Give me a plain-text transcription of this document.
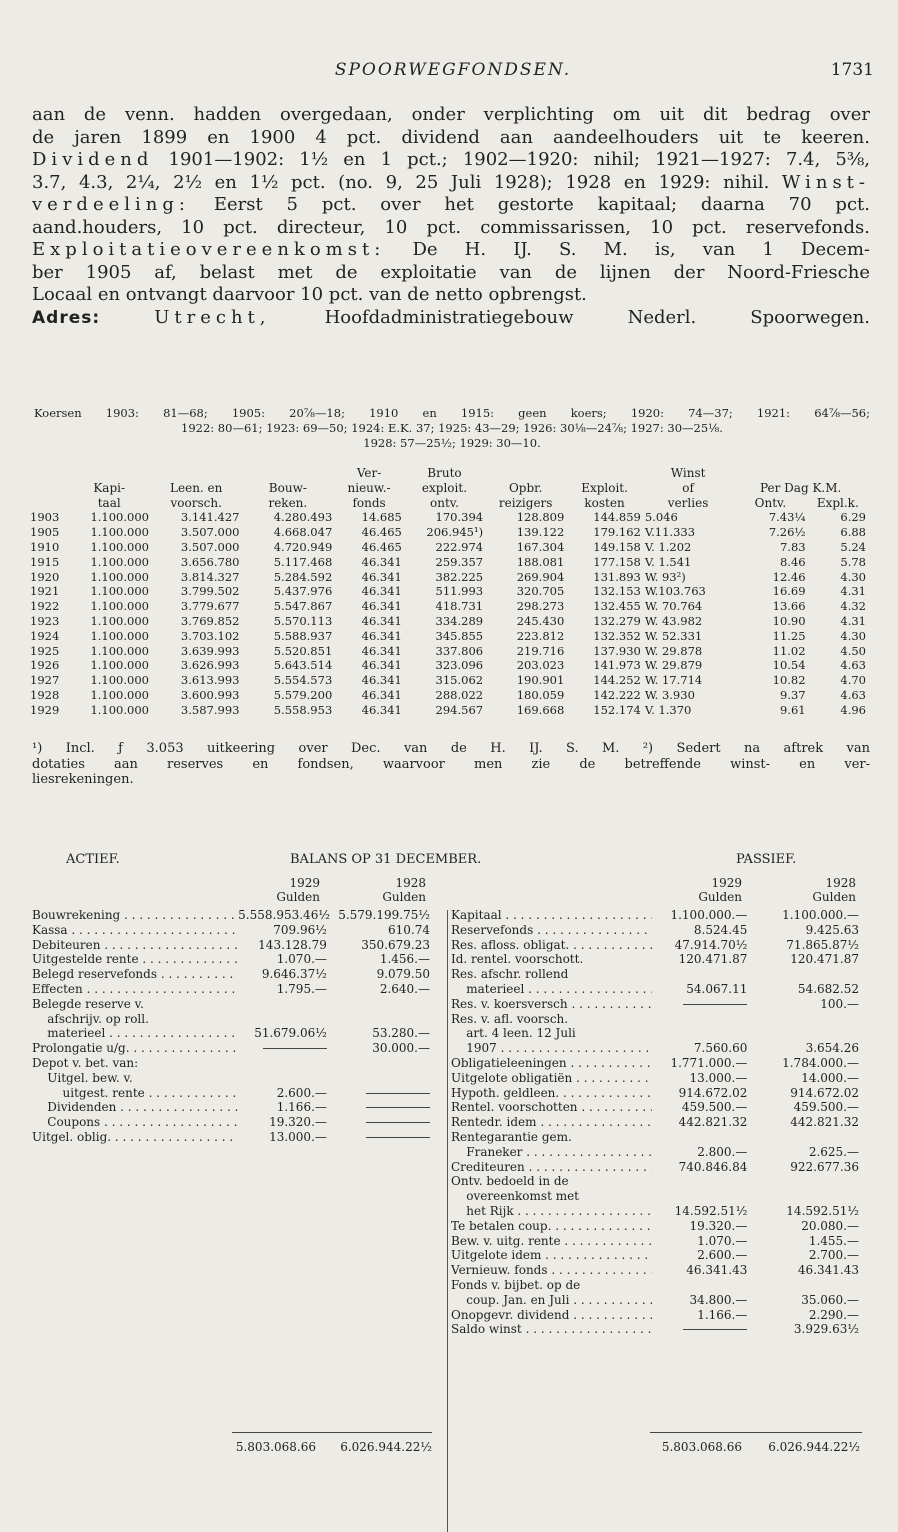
SPOORWEGFONDSEN.	1731

aan de venn. hadden overgedaan, onder verplichting om uit dit bedrag over

de jaren 1899 en 1900 4 pct. dividend aan aandeelhouders uit te keeren.

Dividend 1901—1902: 1½ en 1 pct.; 1902—1920: nihil; 1921—1927: 7.4, 5⅜,

3.7, 4.3, 2¼, 2½ en 1½ pct. (no. 9, 25 Juli 1928); 1928 en 1929: nihil. Winst-

verdeeling: Eerst 5 pct. over het gestorte kapitaal; daarna 70 pct.

aand.houders, 10 pct. directeur, 10 pct. commissarissen, 10 pct. reservefonds.

Exploitatieovereenkomst: De H. IJ. S. M. is, van 1 Decem-

ber 1905 af, belast met de exploitatie van de lijnen der Noord-Friesche

Locaal en ontvangt daarvoor 10 pct. van de netto opbrengst.

Adres:	Utrecht,	Hoofdadministratiegebouw Nederl. Spoorwegen.

Koersen 1903: 81—68; 1905: 20⅞—18; 1910 en 1915: geen koers; 1920: 74—37; 1921: 64⅞—56;
1922: 80—61; 1923: 69—50; 1924: E.K. 37; 1925: 43—29; 1926: 30⅛—24⅞; 1927: 30—25⅛.
1928: 57—25½; 1929: 30—10.
				Ver-	Bruto			Winst		
	Kapi-	Leen. en	Bouw-	nieuw.-	exploit.	Opbr.	Exploit.	of	Per Dag K.M.	
	taal	voorsch.	reken.	fonds	ontv.	reizigers	kosten	verlies	Ontv.	Expl.k.
1903	1.100.000	3.141.427	4.280.493	14.685	170.394	128.809	144.859	5.046	7.43¼	6.29
1905	1.100.000	3.507.000	4.668.047	46.465	206.945¹)	139.122	179.162	V.11.333	7.26½	6.88
1910	1.100.000	3.507.000	4.720.949	46.465	222.974	167.304	149.158	V. 1.202	7.83	5.24
1915	1.100.000	3.656.780	5.117.468	46.341	259.357	188.081	177.158	V. 1.541	8.46	5.78
1920	1.100.000	3.814.327	5.284.592	46.341	382.225	269.904	131.893	W. 93²)	12.46	4.30
1921	1.100.000	3.799.502	5.437.976	46.341	511.993	320.705	132.153	W.103.763	16.69	4.31
1922	1.100.000	3.779.677	5.547.867	46.341	418.731	298.273	132.455	W. 70.764	13.66	4.32
1923	1.100.000	3.769.852	5.570.113	46.341	334.289	245.430	132.279	W. 43.982	10.90	4.31
1924	1.100.000	3.703.102	5.588.937	46.341	345.855	223.812	132.352	W. 52.331	11.25	4.30
1925	1.100.000	3.639.993	5.520.851	46.341	337.806	219.716	137.930	W. 29.878	11.02	4.50
1926	1.100.000	3.626.993	5.643.514	46.341	323.096	203.023	141.973	W. 29.879	10.54	4.63
1927	1.100.000	3.613.993	5.554.573	46.341	315.062	190.901	144.252	W. 17.714	10.82	4.70
1928	1.100.000	3.600.993	5.579.200	46.341	288.022	180.059	142.222	W. 3.930	9.37	4.63
1929	1.100.000	3.587.993	5.558.953	46.341	294.567	169.668	152.174	V. 1.370	9.61	4.96
¹) Incl. ƒ 3.053 uitkeering over Dec. van de H. IJ. S. M. ²) Sedert na aftrek van
dotaties aan reserves en fondsen, waarvoor men zie de betreffende winst- en ver-
liesrekeningen.
ACTIEF.	BALANS OP 31 DECEMBER.	PASSIEF.
1929
Gulden
1928
Gulden
1929
Gulden
1928
Gulden
Bouwrekening . . .	5.558.953.46½	5.579.199.75½
Kassa . . .	709.96½	610.74
Debiteuren . . .	143.128.79	350.679.23
Uitgestelde rente . . .	1.070.—	1.456.—
Belegd reservefonds . . .	9.646.37½	9.079.50
Effecten . . .	1.795.—	2.640.—
Belegde reserve v.		
afschrijv. op roll.		
materieel . . .	51.679.06½	53.280.—
Prolongatie u/g. . . .		30.000.—
Depot v. bet. van:		
Uitgel. bew. v.		
uitgest. rente . . .	2.600.—	
Dividenden . . .	1.166.—	
Coupons . . .	19.320.—	
Uitgel. oblig. . . .	13.000.—	
Kapitaal . . .	1.100.000.—	1.100.000.—
Reservefonds . . .	8.524.45	9.425.63
Res. afloss. obligat. . . .	47.914.70½	71.865.87½
Id. rentel. voorschott.	120.471.87	120.471.87
Res. afschr. rollend		
materieel . . .	54.067.11	54.682.52
Res. v. koersversch . . .		100.—
Res. v. afl. voorsch.		
art. 4 leen. 12 Juli		
1907 . . .	7.560.60	3.654.26
Obligatieleeningen . . .	1.771.000.—	1.784.000.—
Uitgelote obligatiën . . .	13.000.—	14.000.—
Hypoth. geldleen. . . .	914.672.02	914.672.02
Rentel. voorschotten . . .	459.500.—	459.500.—
Rentedr. idem . . .	442.821.32	442.821.32
Rentegarantie gem.		
Franeker . . .	2.800.—	2.625.—
Crediteuren . . .	740.846.84	922.677.36
Ontv. bedoeld in de		
overeenkomst met		
het Rijk . . .	14.592.51½	14.592.51½
Te betalen coup. . . .	19.320.—	20.080.—
Bew. v. uitg. rente . . .	1.070.—	1.455.—
Uitgelote idem . . .	2.600.—	2.700.—
Vernieuw. fonds . . .	46.341.43	46.341.43
Fonds v. bijbet. op de		
coup. Jan. en Juli . . .	34.800.—	35.060.—
Onopgevr. dividend . . .	1.166.—	2.290.—
Saldo winst . . .		3.929.63½
5.803.068.66	6.026.944.22½	5.803.068.66	6.026.944.22½
